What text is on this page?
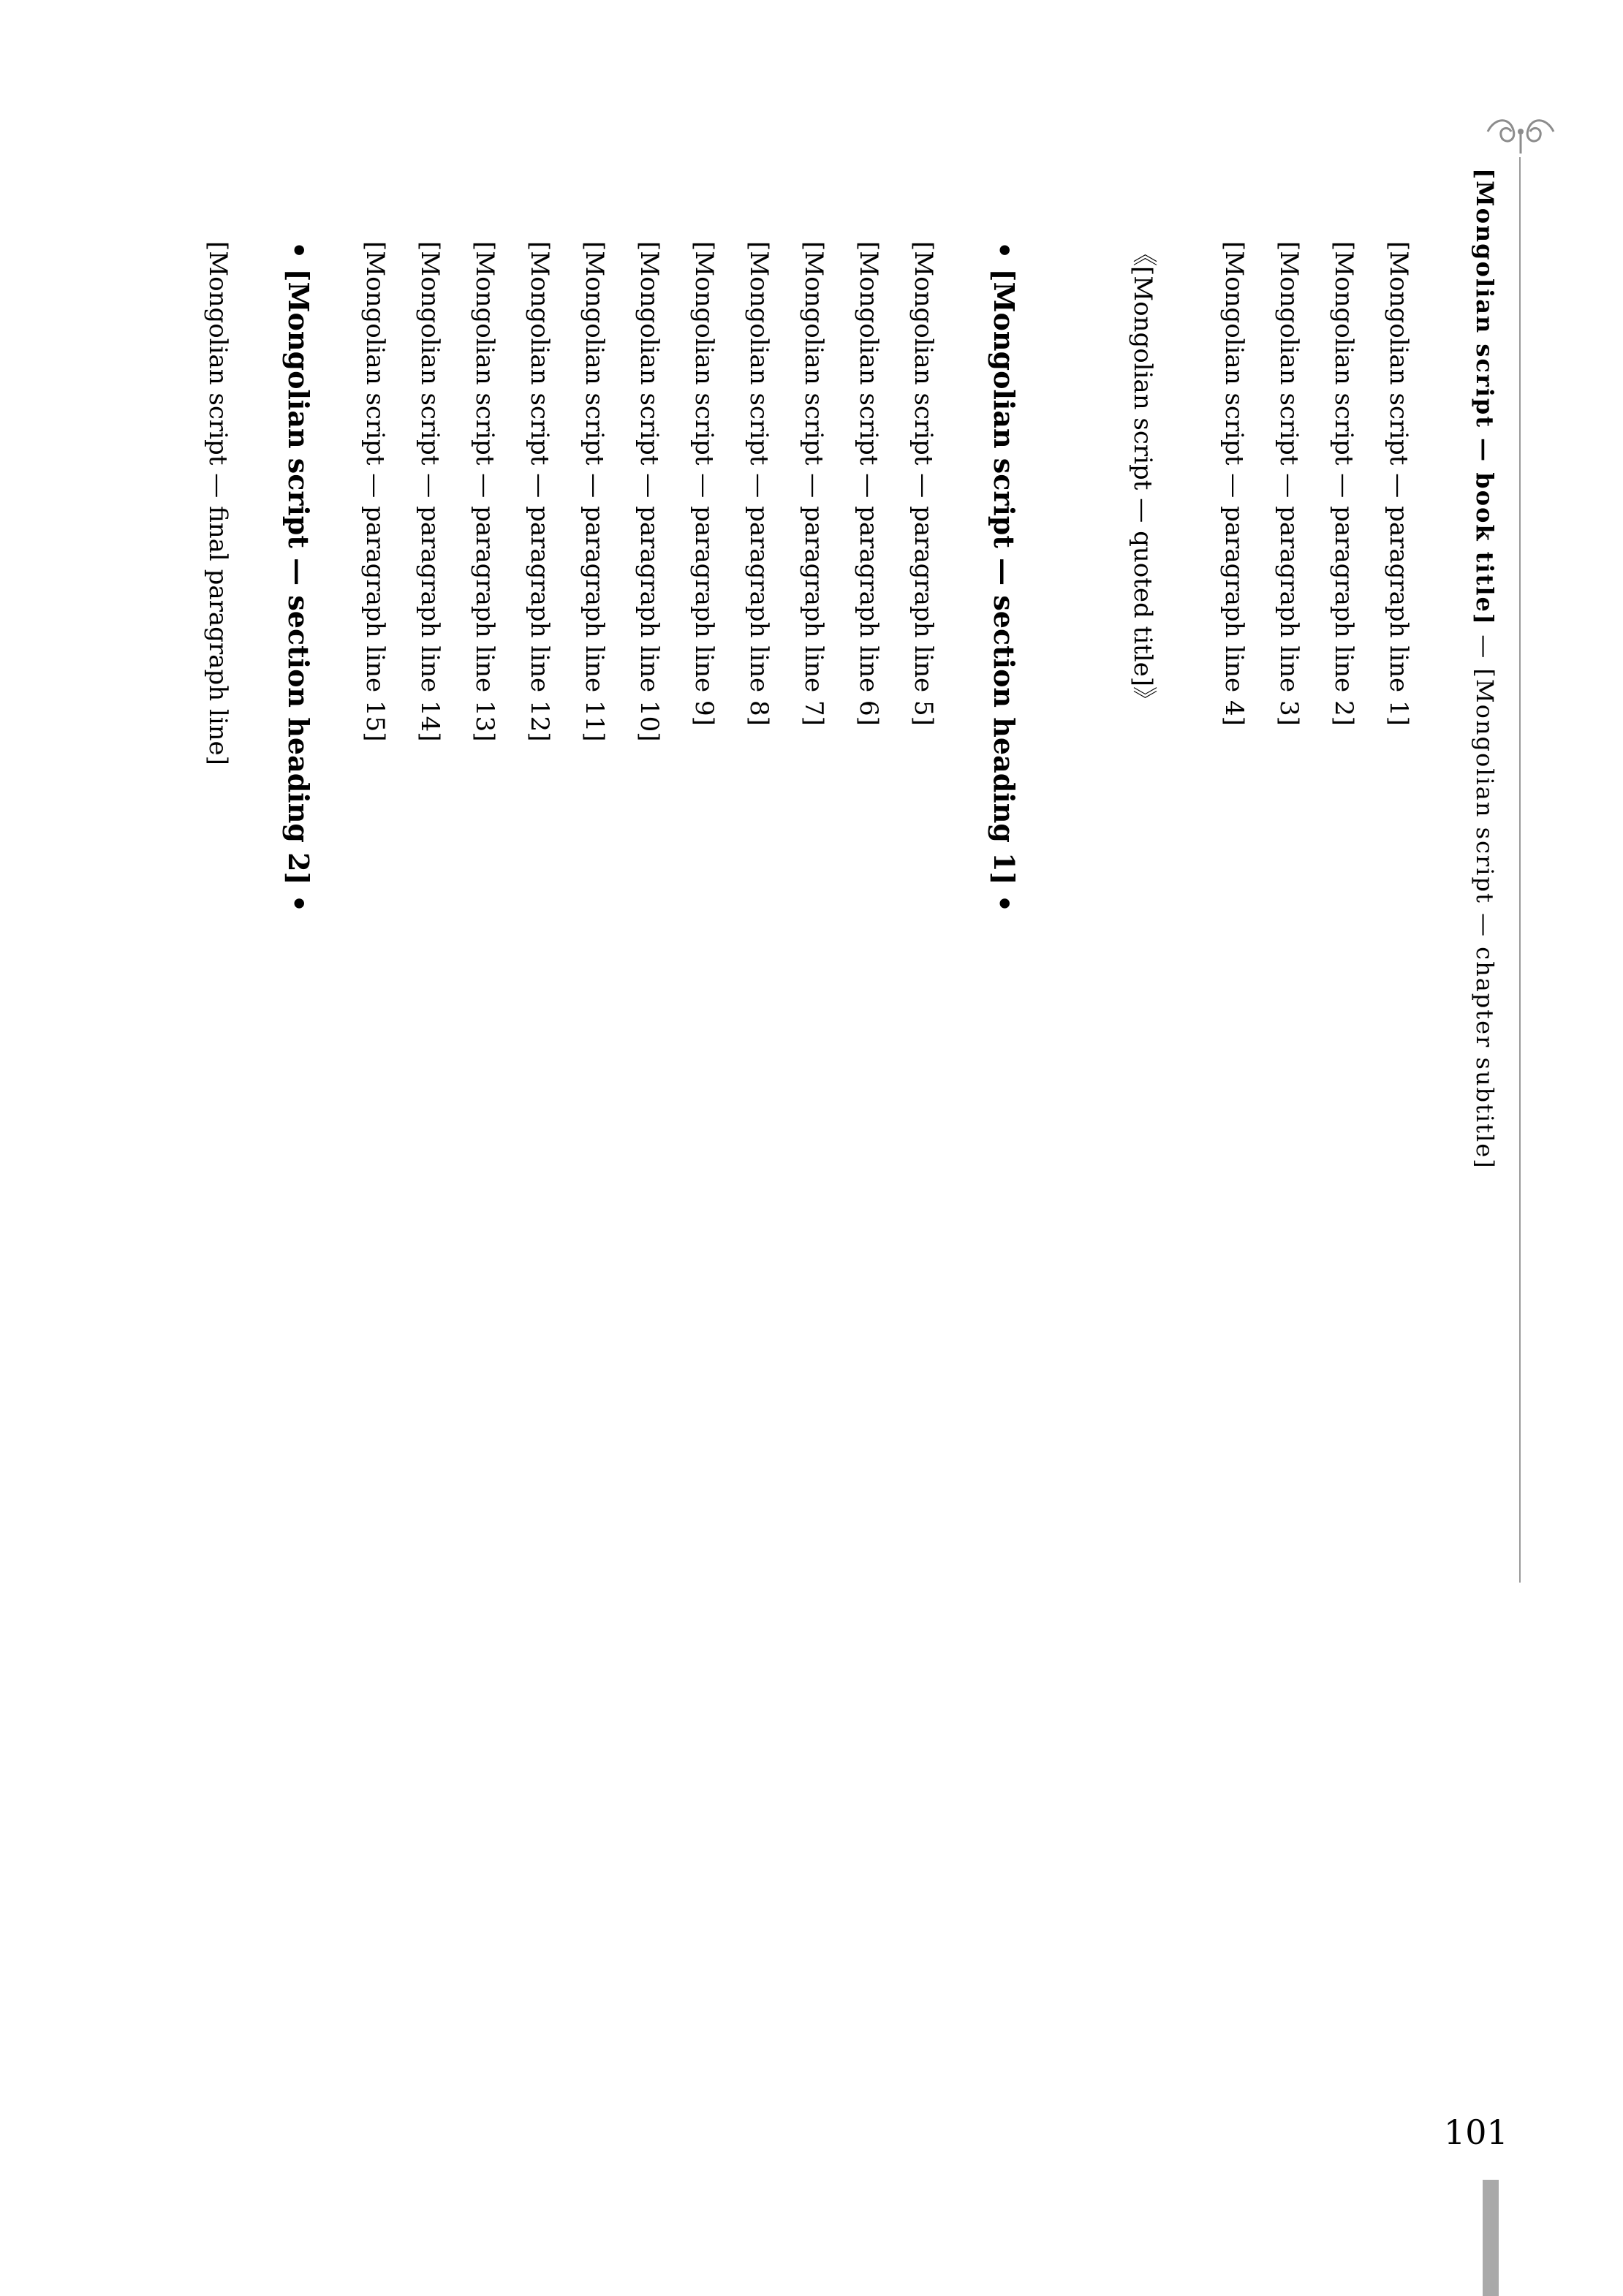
[Mongolian script — book title] — [Mongolian script — chapter subtitle]
[Mongolian script — paragraph line 1]
[Mongolian script — paragraph line 2]
[Mongolian script — paragraph line 3]
[Mongolian script — paragraph line 4]
《[Mongolian script — quoted title]》
• [Mongolian script — section heading 1] •
[Mongolian script — paragraph line 5]
[Mongolian script — paragraph line 6]
[Mongolian script — paragraph line 7]
[Mongolian script — paragraph line 8]
[Mongolian script — paragraph line 9]
[Mongolian script — paragraph line 10]
[Mongolian script — paragraph line 11]
[Mongolian script — paragraph line 12]
[Mongolian script — paragraph line 13]
[Mongolian script — paragraph line 14]
[Mongolian script — paragraph line 15]
• [Mongolian script — section heading 2] •
[Mongolian script — final paragraph line]
101
